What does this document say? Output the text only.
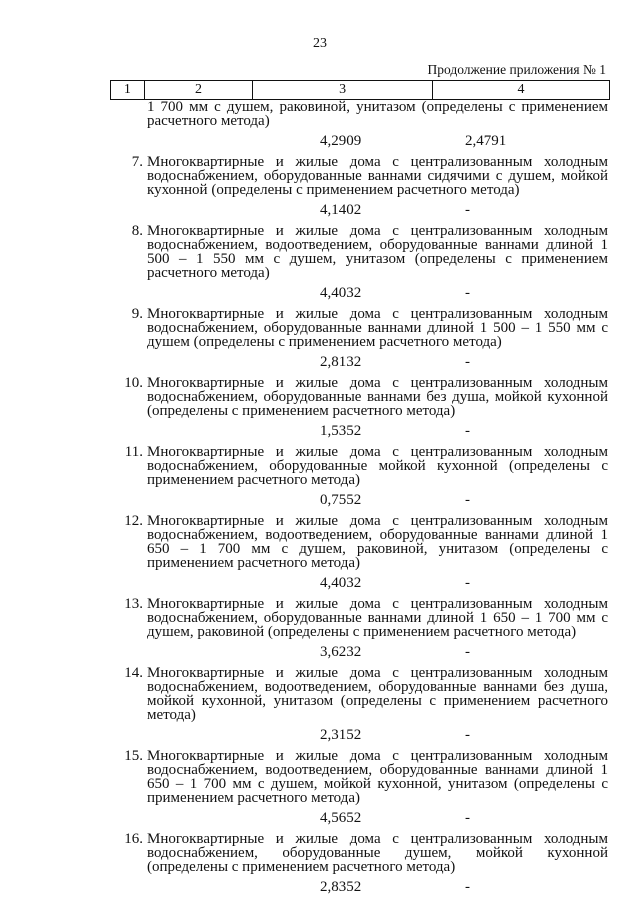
23
Продолжение приложения № 1
1	2	3	4
1 700 мм с душем, раковиной, унитазом (определены с применением расчетного метода)
4,2909	2,4791
7. Многоквартирные и жилые дома с централизованным холодным водоснабжением, оборудованные ваннами сидячими с душем, мойкой кухонной (определены с применением расчетного метода)
4,1402	-
8. Многоквартирные и жилые дома с централизованным холодным водоснабжением, водоотведением, оборудованные ваннами длиной 1 500 – 1 550 мм с душем, унитазом (определены с применением расчетного метода)
4,4032	-
9. Многоквартирные и жилые дома с централизованным холодным водоснабжением, оборудованные ваннами длиной 1 500 – 1 550 мм с душем (определены с применением расчетного метода)
2,8132	-
10. Многоквартирные и жилые дома с централизованным холодным водоснабжением, оборудованные ваннами без душа, мойкой кухонной (определены с применением расчетного метода)
1,5352	-
11. Многоквартирные и жилые дома с централизованным холодным водоснабжением, оборудованные мойкой кухонной (определены с применением расчетного метода)
0,7552	-
12. Многоквартирные и жилые дома с централизованным холодным водоснабжением, водоотведением, оборудованные ваннами длиной 1 650 – 1 700 мм с душем, раковиной, унитазом (определены с применением расчетного метода)
4,4032	-
13. Многоквартирные и жилые дома с централизованным холодным водоснабжением, оборудованные ваннами длиной 1 650 – 1 700 мм с душем, раковиной (определены с применением расчетного метода)
3,6232	-
14. Многоквартирные и жилые дома с централизованным холодным водоснабжением, водоотведением, оборудованные ваннами без душа, мойкой кухонной, унитазом (определены с применением расчетного метода)
2,3152	-
15. Многоквартирные и жилые дома с централизованным холодным водоснабжением, водоотведением, оборудованные ваннами длиной 1 650 – 1 700 мм с душем, мойкой кухонной, унитазом (определены с применением расчетного метода)
4,5652	-
16. Многоквартирные и жилые дома с централизованным холодным водоснабжением, оборудованные душем, мойкой кухонной (определены с применением расчетного метода)
2,8352	-
